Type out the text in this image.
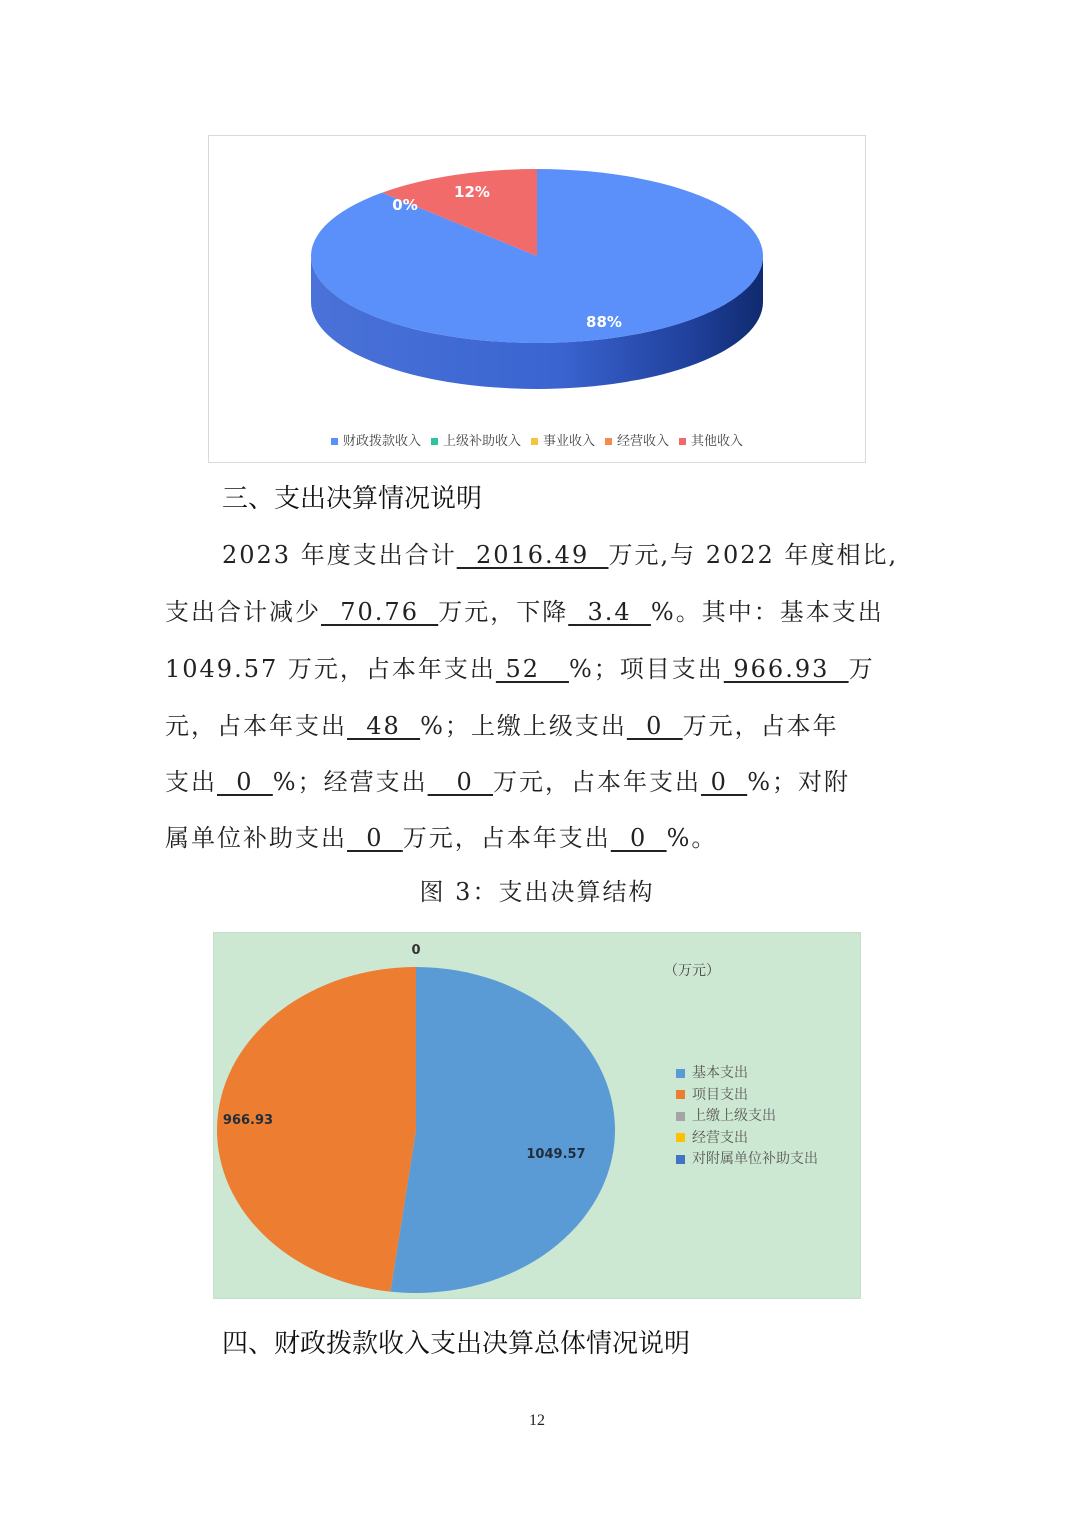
88%
12%
0%
财政拨款收入 上级补助收入 事业收入 经营收入 其他收入
三、支出决算情况说明
2023 年度支出合计  2016.49  万元,与 2022 年度相比,
支出合计减少  70.76  万元，下降  3.4  %。其中：基本支出
1049.57 万元，占本年支出 52   %；项目支出 966.93  万
元，占本年支出  48  %；上缴上级支出  0  万元，占本年
支出  0  %；经营支出   0  万元，占本年支出 0  %；对附
属单位补助支出  0  万元，占本年支出  0  %。
图 3：支出决算结构
1049.57
966.93
0
（万元）
基本支出
项目支出
上缴上级支出
经营支出
对附属单位补助支出
四、财政拨款收入支出决算总体情况说明
12
